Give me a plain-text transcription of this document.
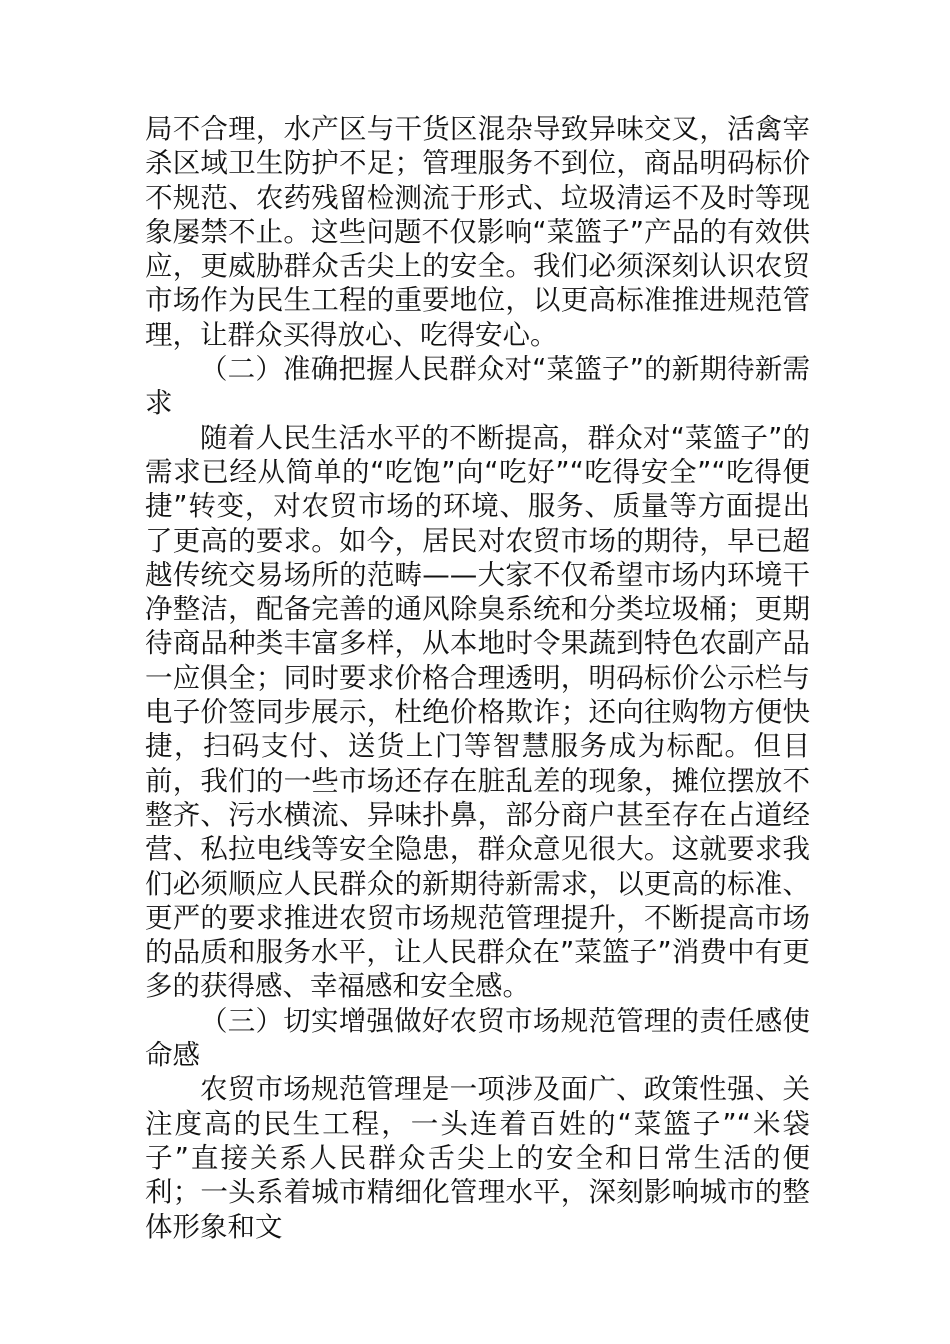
局不合理，水产区与干货区混杂导致异味交叉，活禽宰杀区域卫生防护不足；管理服务不到位，商品明码标价不规范、农药残留检测流于形式、垃圾清运不及时等现象屡禁不止。这些问题不仅影响“菜篮子”产品的有效供应，更威胁群众舌尖上的安全。我们必须深刻认识农贸市场作为民生工程的重要地位，以更高标准推进规范管理，让群众买得放心、吃得安心。

（二）准确把握人民群众对“菜篮子”的新期待新需求

随着人民生活水平的不断提高，群众对“菜篮子”的需求已经从简单的“吃饱”向“吃好”“吃得安全”“吃得便捷”转变，对农贸市场的环境、服务、质量等方面提出了更高的要求。如今，居民对农贸市场的期待，早已超越传统交易场所的范畴——大家不仅希望市场内环境干净整洁，配备完善的通风除臭系统和分类垃圾桶；更期待商品种类丰富多样，从本地时令果蔬到特色农副产品一应俱全；同时要求价格合理透明，明码标价公示栏与电子价签同步展示，杜绝价格欺诈；还向往购物方便快捷，扫码支付、送货上门等智慧服务成为标配。但目前，我们的一些市场还存在脏乱差的现象，摊位摆放不整齐、污水横流、异味扑鼻，部分商户甚至存在占道经营、私拉电线等安全隐患，群众意见很大。这就要求我们必须顺应人民群众的新期待新需求，以更高的标准、更严的要求推进农贸市场规范管理提升，不断提高市场的品质和服务水平，让人民群众在”菜篮子”消费中有更多的获得感、幸福感和安全感。

（三）切实增强做好农贸市场规范管理的责任感使命感

农贸市场规范管理是一项涉及面广、政策性强、关注度高的民生工程，一头连着百姓的“菜篮子”“米袋子”直接关系人民群众舌尖上的安全和日常生活的便利；一头系着城市精细化管理水平，深刻影响城市的整体形象和文
